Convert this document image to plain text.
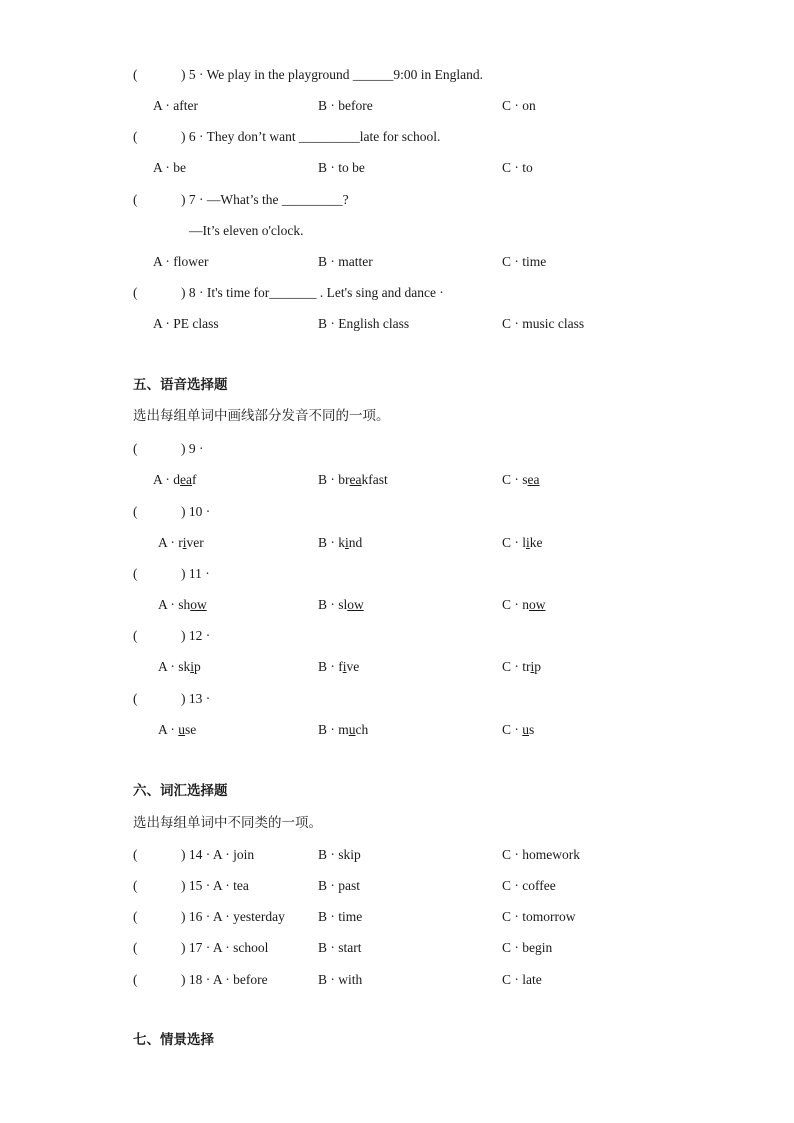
(	) 5 · We play in the playground ______9:00 in England.
A · after	B · before	C · on
(	) 6 · They don’t want _________late for school.
A · be	B · to be	C · to
(	) 7 · —What’s the _________?
—It’s eleven o'clock.
A · flower	B · matter	C · time
(	) 8 · It's time for_______ . Let's sing and dance ·
A · PE class	B · English class	C · music class
五、语音选择题
选出每组单词中画线部分发音不同的一项。
(	) 9 ·
A · deaf	B · breakfast	C · sea
(	) 10 ·
A · river	B · kind	C · like
(	) 11 ·
A · show	B · slow	C · now
(	) 12 ·
A · skip	B · five	C · trip
(	) 13 ·
A · use	B · much	C · us
六、词汇选择题
选出每组单词中不同类的一项。
(	) 14 · A · join	B · skip	C · homework
(	) 15 · A · tea	B · past	C · coffee
(	) 16 · A · yesterday B · time	C · tomorrow
(	) 17 · A · school	B · start	C · begin
(	) 18 · A · before	B · with	C · late
七、情景选择
